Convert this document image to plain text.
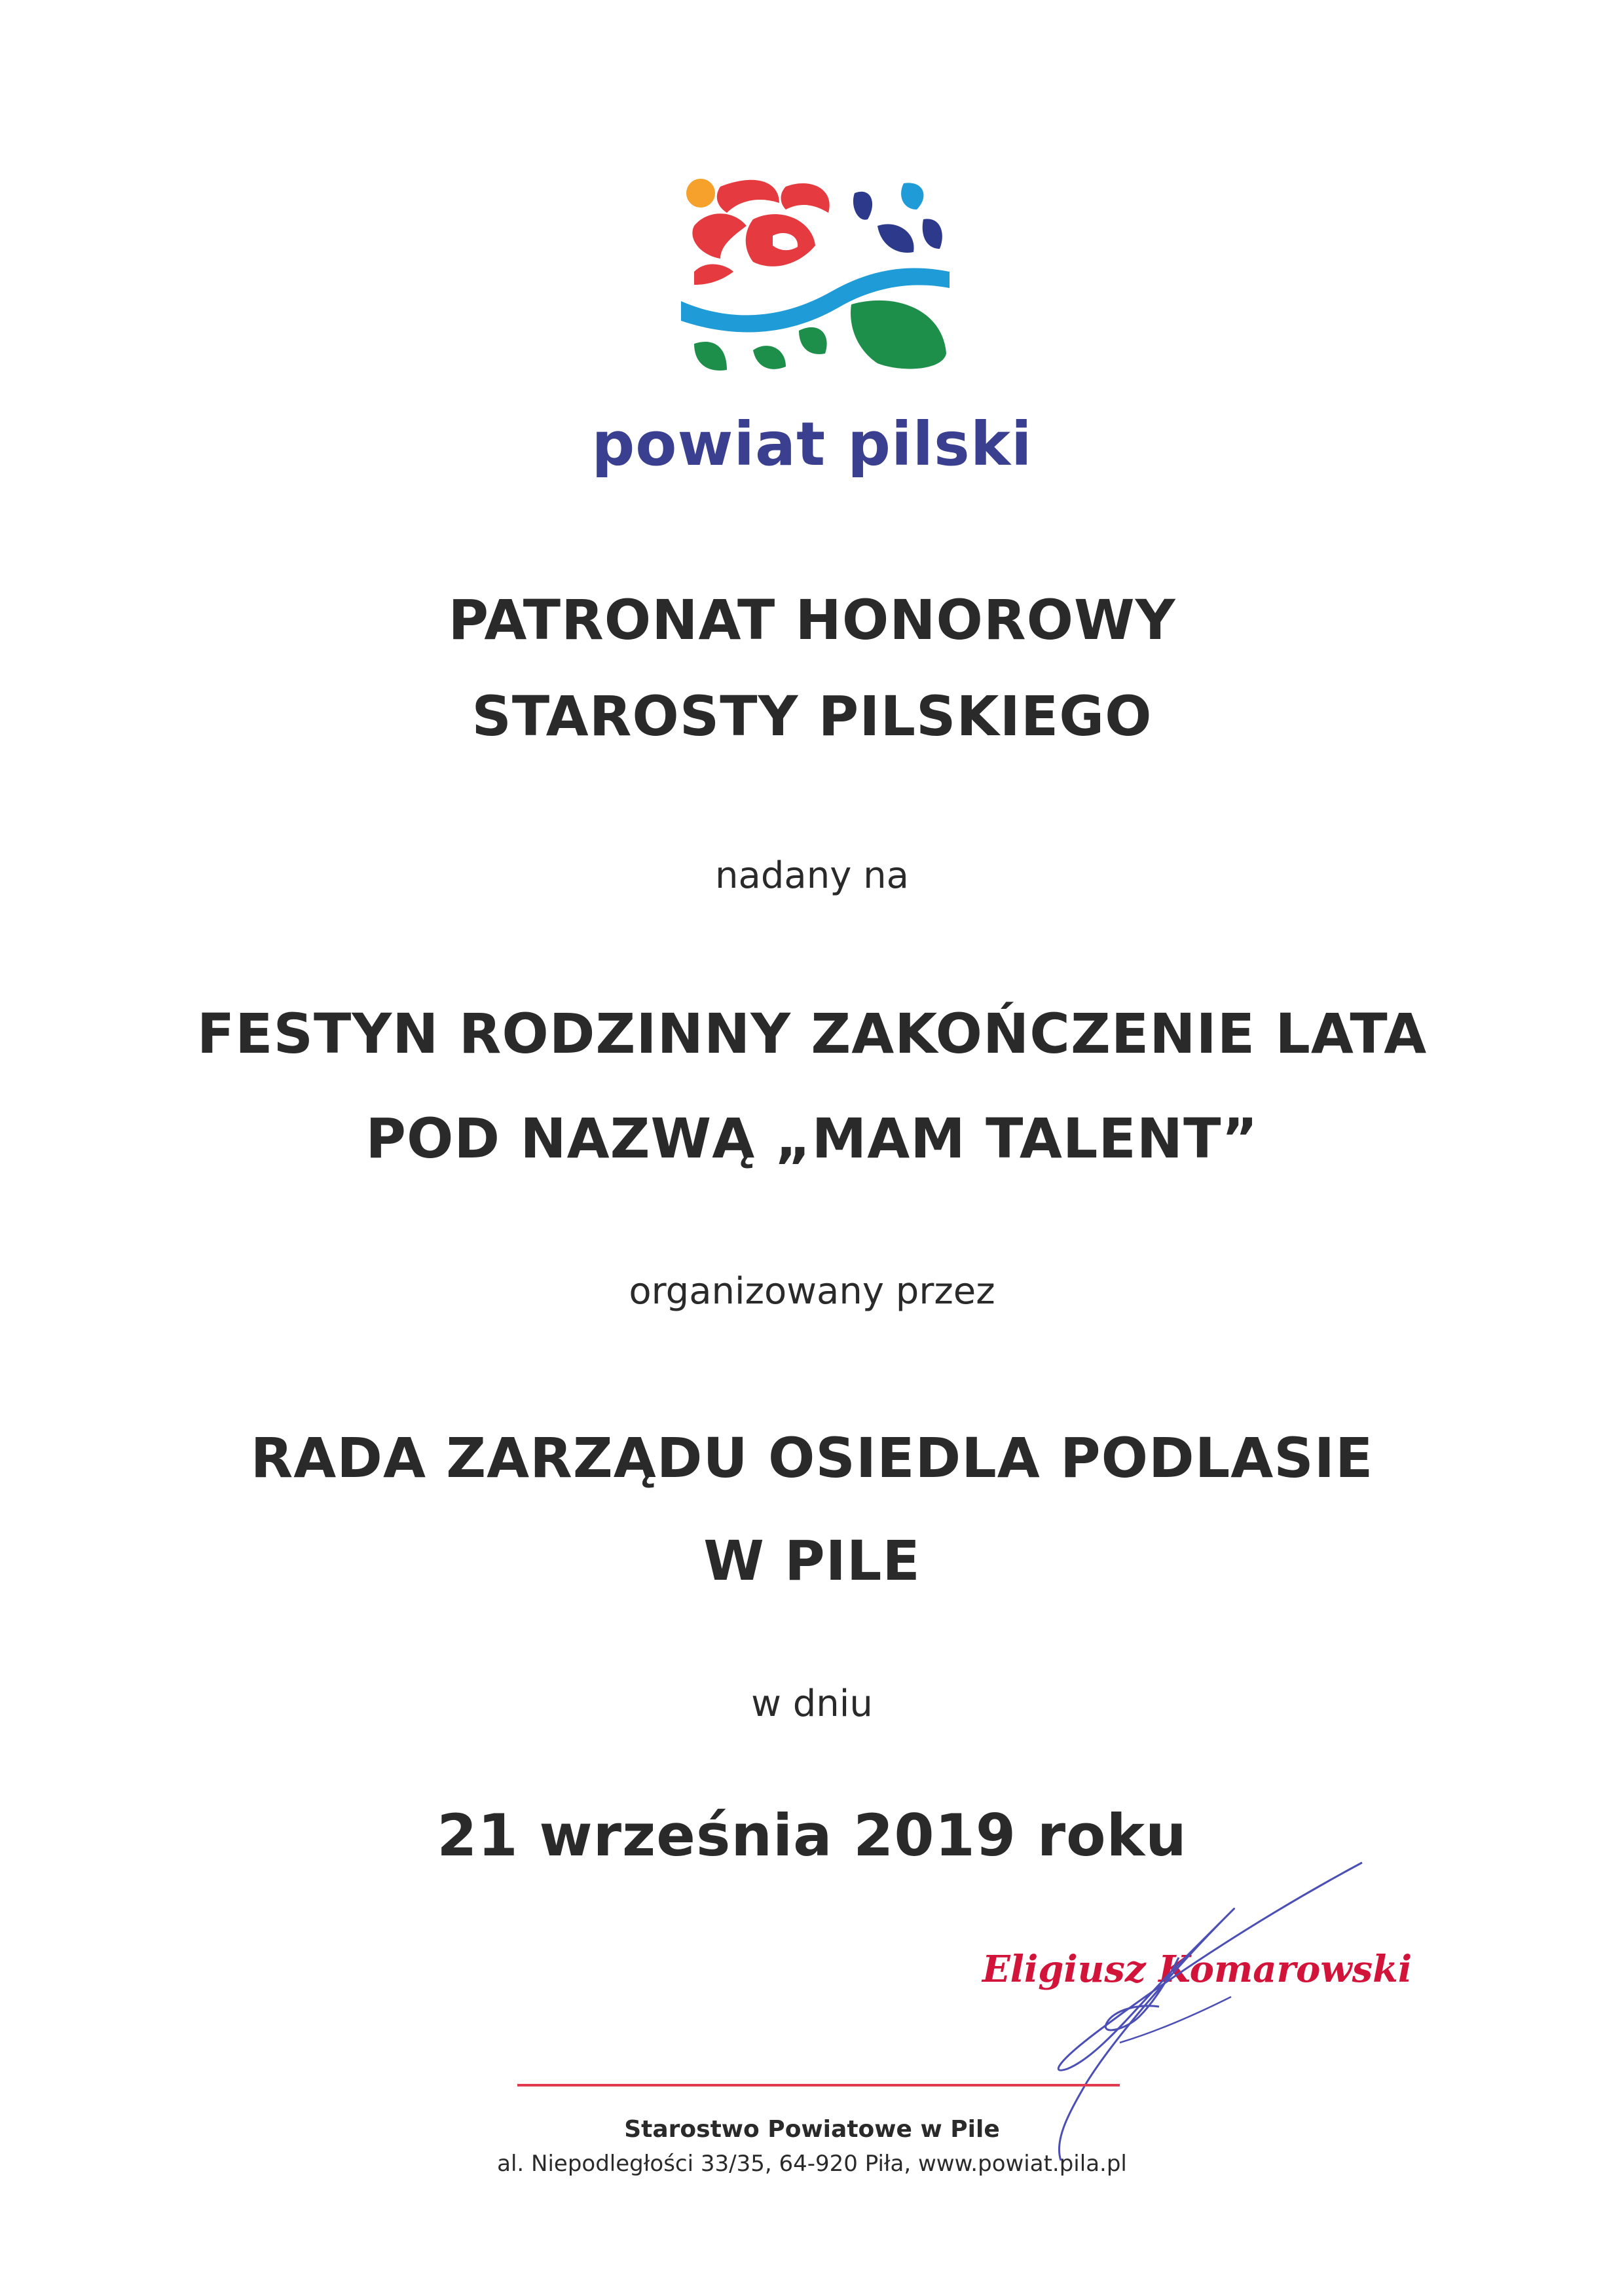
powiat pilski
PATRONAT HONOROWY
STAROSTY PILSKIEGO
nadany na
FESTYN RODZINNY ZAKOŃCZENIE LATA
POD NAZWĄ „MAM TALENT”
organizowany przez
RADA ZARZĄDU OSIEDLA PODLASIE
W PILE
w dniu
21 września 2019 roku
Eligiusz Komarowski
Starostwo Powiatowe w Pile
al. Niepodległości 33/35, 64-920 Piła, www.powiat.pila.pl
